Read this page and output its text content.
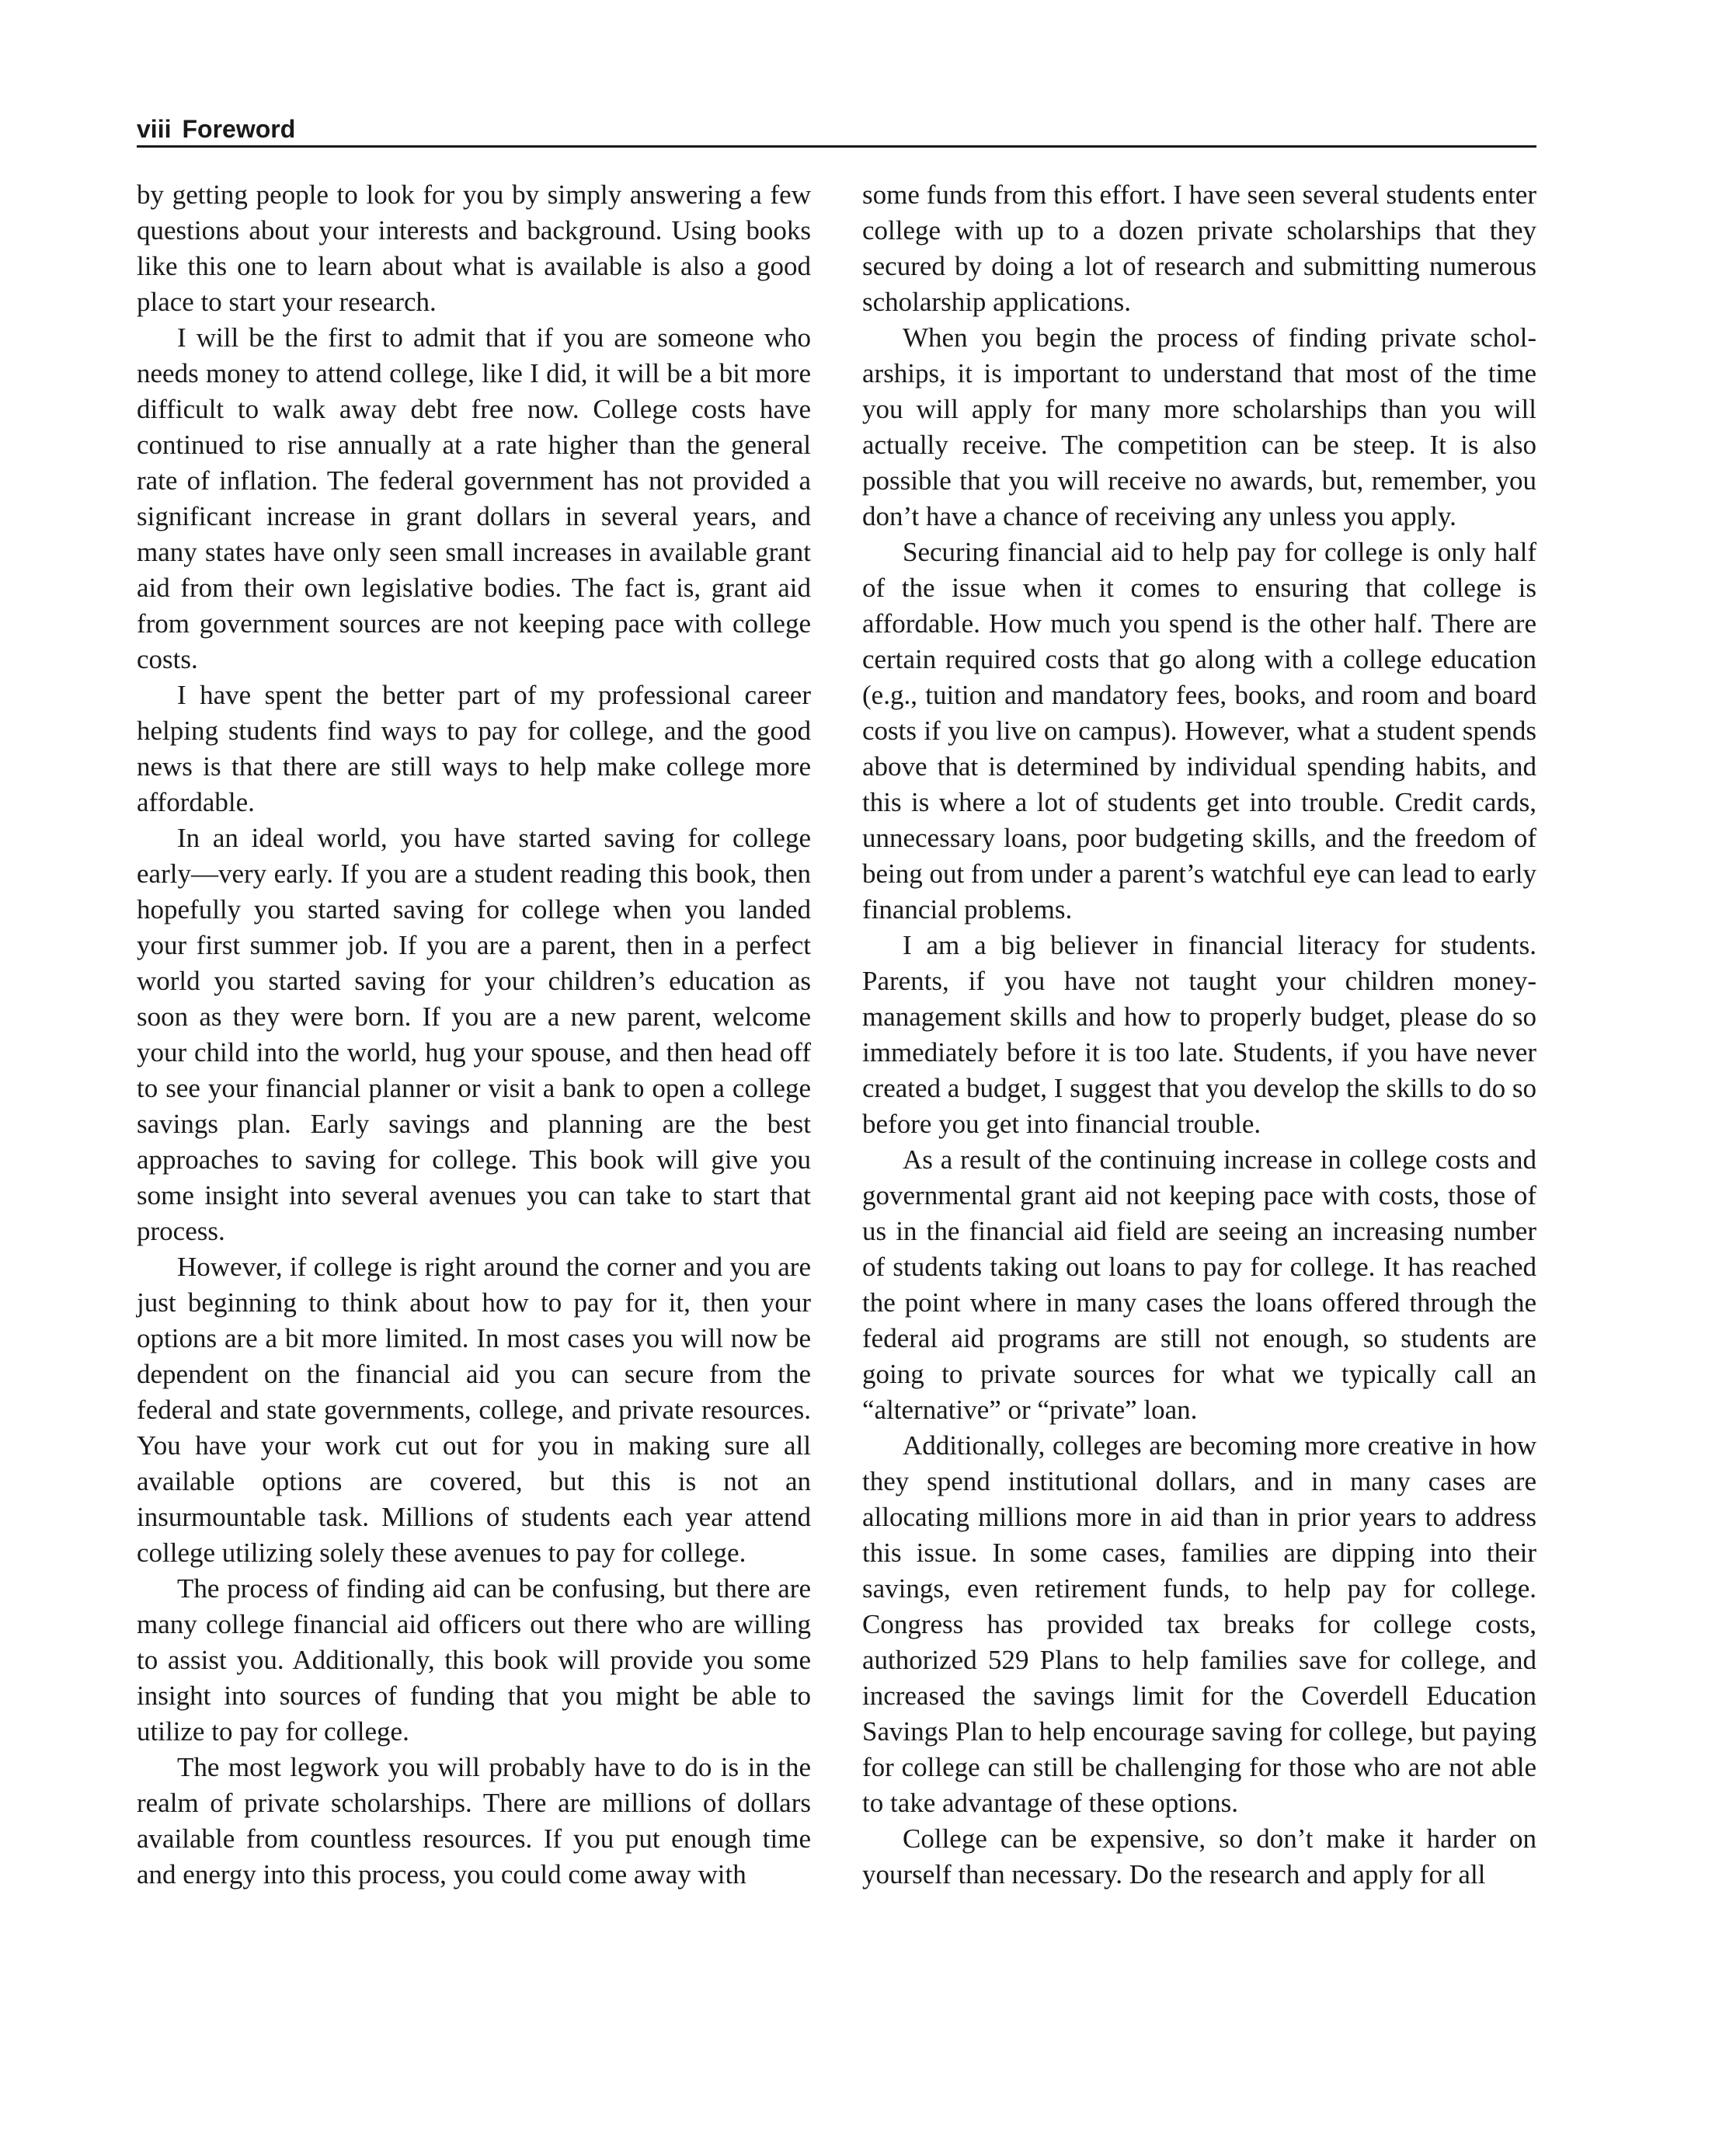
viii Foreword

by getting people to look for you by simply answering a few questions about your interests and background. Using books like this one to learn about what is available is also a good place to start your research.

I will be the first to admit that if you are someone who needs money to attend college, like I did, it will be a bit more difficult to walk away debt free now. College costs have continued to rise annually at a rate higher than the general rate of inflation. The federal government has not provided a significant increase in grant dollars in several years, and many states have only seen small increases in available grant aid from their own legislative bodies. The fact is, grant aid from government sources are not keeping pace with college costs.

I have spent the better part of my professional career helping students find ways to pay for college, and the good news is that there are still ways to help make college more affordable.

In an ideal world, you have started saving for college early—very early. If you are a student reading this book, then hopefully you started saving for college when you landed your first summer job. If you are a parent, then in a perfect world you started saving for your children’s education as soon as they were born. If you are a new parent, welcome your child into the world, hug your spouse, and then head off to see your financial planner or visit a bank to open a college savings plan. Early savings and planning are the best approaches to saving for college. This book will give you some insight into several avenues you can take to start that process.

However, if college is right around the corner and you are just beginning to think about how to pay for it, then your options are a bit more limited. In most cases you will now be dependent on the financial aid you can secure from the federal and state governments, college, and private resources. You have your work cut out for you in making sure all available options are covered, but this is not an insurmountable task. Millions of students each year attend college utilizing solely these avenues to pay for college.

The process of finding aid can be confusing, but there are many college financial aid officers out there who are willing to assist you. Additionally, this book will provide you some insight into sources of funding that you might be able to utilize to pay for college.

The most legwork you will probably have to do is in the realm of private scholarships. There are millions of dollars available from countless resources. If you put enough time and energy into this process, you could come away with

some funds from this effort. I have seen several students enter college with up to a dozen private scholarships that they secured by doing a lot of research and submitting numerous scholarship applications.

When you begin the process of finding private scholarships, it is important to understand that most of the time you will apply for many more scholarships than you will actually receive. The competition can be steep. It is also possible that you will receive no awards, but, remember, you don’t have a chance of receiving any unless you apply.

Securing financial aid to help pay for college is only half of the issue when it comes to ensuring that college is affordable. How much you spend is the other half. There are certain required costs that go along with a college education (e.g., tuition and mandatory fees, books, and room and board costs if you live on campus). However, what a student spends above that is determined by individual spending habits, and this is where a lot of students get into trouble. Credit cards, unnecessary loans, poor budgeting skills, and the freedom of being out from under a parent’s watchful eye can lead to early financial problems.

I am a big believer in financial literacy for students. Parents, if you have not taught your children money-management skills and how to properly budget, please do so immediately before it is too late. Students, if you have never created a budget, I suggest that you develop the skills to do so before you get into financial trouble.

As a result of the continuing increase in college costs and governmental grant aid not keeping pace with costs, those of us in the financial aid field are seeing an increasing number of students taking out loans to pay for college. It has reached the point where in many cases the loans offered through the federal aid programs are still not enough, so students are going to private sources for what we typically call an “alternative” or “private” loan.

Additionally, colleges are becoming more creative in how they spend institutional dollars, and in many cases are allocating millions more in aid than in prior years to address this issue. In some cases, families are dipping into their savings, even retirement funds, to help pay for college. Congress has provided tax breaks for college costs, authorized 529 Plans to help families save for college, and increased the savings limit for the Coverdell Education Savings Plan to help encourage saving for college, but paying for college can still be challenging for those who are not able to take advantage of these options.

College can be expensive, so don’t make it harder on yourself than necessary. Do the research and apply for all
